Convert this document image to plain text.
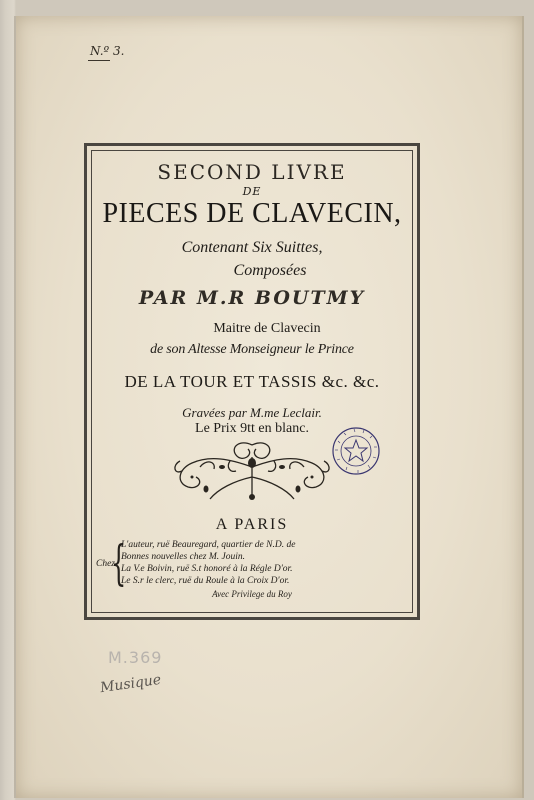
N.º 3.
SECOND LIVRE
DE
PIECES DE CLAVECIN,
Contenant Six Suittes,
Composées
PAR M.R BOUTMY
Maitre de Clavecin
de son Altesse Monseigneur le Prince
DE LA TOUR ET TASSIS &c. &c.
Gravées par M.me Leclair.
Le Prix 9tt en blanc.
A PARIS
Chez
{
L'auteur, ruë Beauregard, quartier de N.D. de
Bonnes nouvelles chez M. Jouin.
La V.e Boivin, ruë S.t honoré à la Régle D'or.
Le S.r le clerc, ruë du Roule à la Croix D'or.
Avec Privilege du Roy
M.369
Musique
